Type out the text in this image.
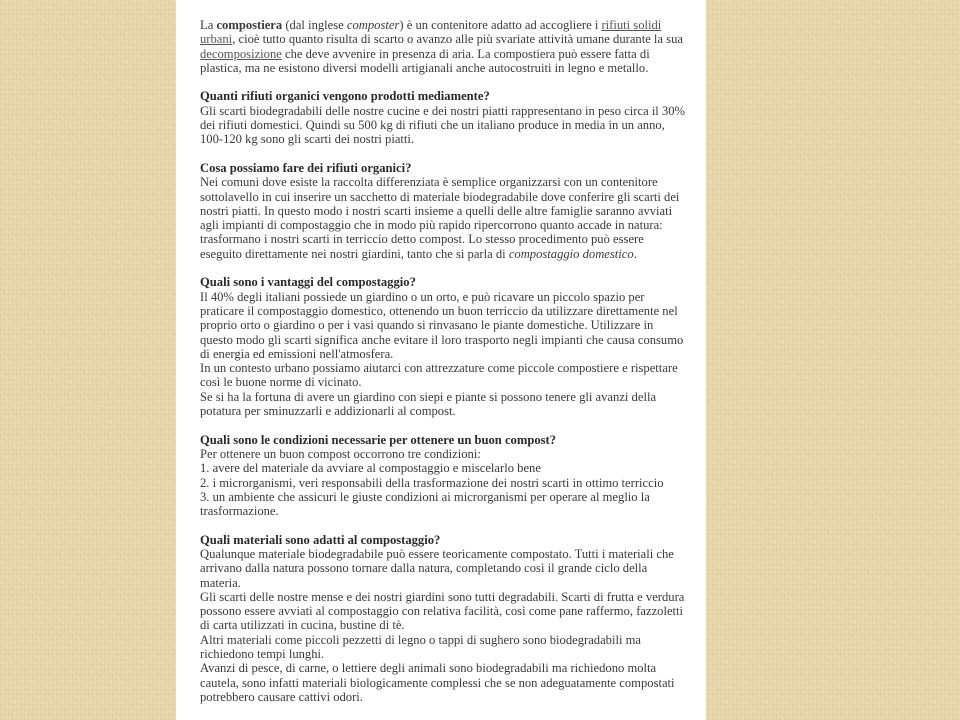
La compostiera (dal inglese composter) è un contenitore adatto ad accogliere i rifiuti solidi urbani, cioè tutto quanto risulta di scarto o avanzo alle più svariate attività umane durante la sua decomposizione che deve avvenire in presenza di aria. La compostiera può essere fatta di plastica, ma ne esistono diversi modelli artigianali anche autocostruiti in legno e metallo.

Quanti rifiuti organici vengono prodotti mediamente?

Gli scarti biodegradabili delle nostre cucine e dei nostri piatti rappresentano in peso circa il 30% dei rifiuti domestici. Quindi su 500 kg di rifiuti che un italiano produce in media in un anno, 100-120 kg sono gli scarti dei nostri piatti.

Cosa possiamo fare dei rifiuti organici?

Nei comuni dove esiste la raccolta differenziata è semplice organizzarsi con un contenitore sottolavello in cui inserire un sacchetto di materiale biodegradabile dove conferire gli scarti dei nostri piatti. In questo modo i nostri scarti insieme a quelli delle altre famiglie saranno avviati agli impianti di compostaggio che in modo più rapido ripercorrono quanto accade in natura: trasformano i nostri scarti in terriccio detto compost. Lo stesso procedimento può essere eseguito direttamente nei nostri giardini, tanto che si parla di compostaggio domestico.

Quali sono i vantaggi del compostaggio?

Il 40% degli italiani possiede un giardino o un orto, e può ricavare un piccolo spazio per praticare il compostaggio domestico, ottenendo un buon terriccio da utilizzare direttamente nel proprio orto o giardino o per i vasi quando si rinvasano le piante domestiche. Utilizzare in questo modo gli scarti significa anche evitare il loro trasporto negli impianti che causa consumo di energia ed emissioni nell'atmosfera.

In un contesto urbano possiamo aiutarci con attrezzature come piccole compostiere e rispettare così le buone norme di vicinato.

Se si ha la fortuna di avere un giardino con siepi e piante si possono tenere gli avanzi della potatura per sminuzzarli e addizionarli al compost.

Quali sono le condizioni necessarie per ottenere un buon compost?

Per ottenere un buon compost occorrono tre condizioni:

1. avere del materiale da avviare al compostaggio e miscelarlo bene

2. i microrganismi, veri responsabili della trasformazione dei nostri scarti in ottimo terriccio

3. un ambiente che assicuri le giuste condizioni ai microrganismi per operare al meglio la trasformazione.

Quali materiali sono adatti al compostaggio?

Qualunque materiale biodegradabile può essere teoricamente compostato. Tutti i materiali che arrivano dalla natura possono tornare dalla natura, completando così il grande ciclo della materia.

Gli scarti delle nostre mense e dei nostri giardini sono tutti degradabili. Scarti di frutta e verdura possono essere avviati al compostaggio con relativa facilità, così come pane raffermo, fazzoletti di carta utilizzati in cucina, bustine di tè.

Altri materiali come piccoli pezzetti di legno o tappi di sughero sono biodegradabili ma richiedono tempi lunghi.

Avanzi di pesce, di carne, o lettiere degli animali sono biodegradabili ma richiedono molta cautela, sono infatti materiali biologicamente complessi che se non adeguatamente compostati potrebbero causare cattivi odori.
